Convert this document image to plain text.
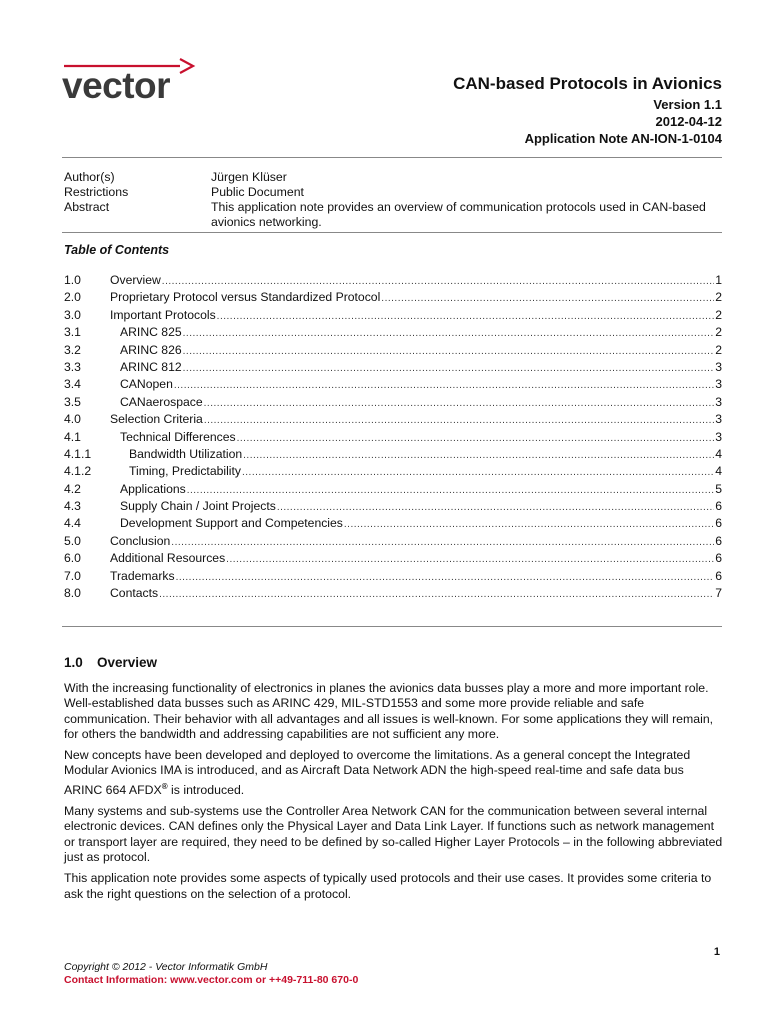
vector	CAN-based Protocols in Avionics
Version 1.1
2012-04-12
Application Note AN-ION-1-0104
Author(s)	Jürgen Klüser
Restrictions	Public Document
Abstract	This application note provides an overview of communication protocols used in CAN-based avionics networking.
Table of Contents
1.0	Overview .....	1
2.0	Proprietary Protocol versus Standardized Protocol .....	2
3.0	Important Protocols .....	2
3.1	ARINC 825 .....	2
3.2	ARINC 826 .....	2
3.3	ARINC 812 .....	3
3.4	CANopen .....	3
3.5	CANaerospace .....	3
4.0	Selection Criteria .....	3
4.1	Technical Differences .....	3
4.1.1	Bandwidth Utilization .....	4
4.1.2	Timing, Predictability .....	4
4.2	Applications .....	5
4.3	Supply Chain / Joint Projects .....	6
4.4	Development Support and Competencies .....	6
5.0	Conclusion .....	6
6.0	Additional Resources .....	6
7.0	Trademarks .....	6
8.0	Contacts .....	7
1.0 Overview

With the increasing functionality of electronics in planes the avionics data busses play a more and more important role. Well-established data busses such as ARINC 429, MIL-STD1553 and some more provide reliable and safe communication. Their behavior with all advantages and all issues is well-known. For some applications they will remain, for others the bandwidth and addressing capabilities are not sufficient any more.

New concepts have been developed and deployed to overcome the limitations. As a general concept the Integrated Modular Avionics IMA is introduced, and as Aircraft Data Network ADN the high-speed real-time and safe data bus ARINC 664 AFDX® is introduced.

Many systems and sub-systems use the Controller Area Network CAN for the communication between several internal electronic devices. CAN defines only the Physical Layer and Data Link Layer. If functions such as network management or transport layer are required, they need to be defined by so-called Higher Layer Protocols – in the following abbreviated just as protocol.

This application note provides some aspects of typically used protocols and their use cases. It provides some criteria to ask the right questions on the selection of a protocol.

1
Copyright © 2012 - Vector Informatik GmbH
Contact Information: www.vector.com or ++49-711-80 670-0
